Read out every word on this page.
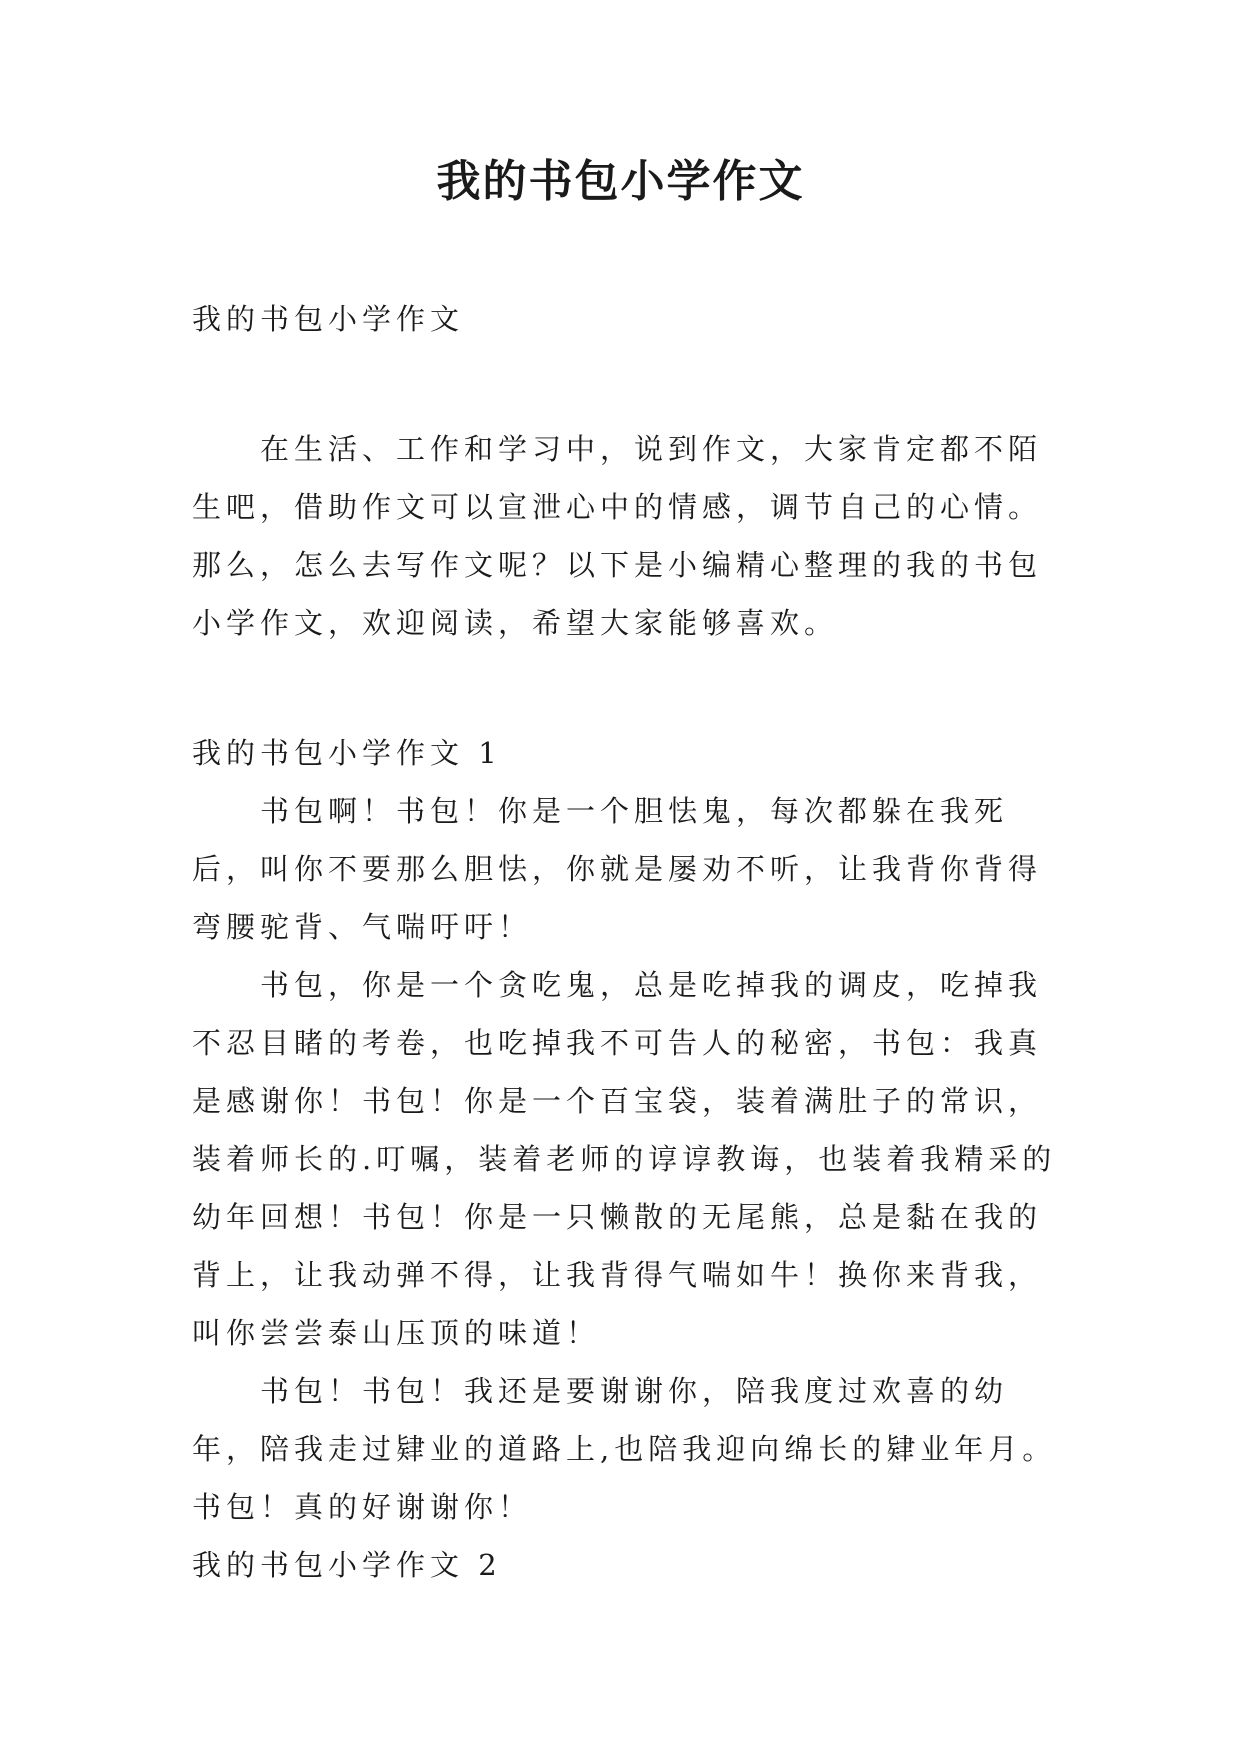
我的书包小学作文

我的书包小学作文

在生活、工作和学习中，说到作文，大家肯定都不陌生吧，借助作文可以宣泄心中的情感，调节自己的心情。那么，怎么去写作文呢？以下是小编精心整理的我的书包小学作文，欢迎阅读，希望大家能够喜欢。

我的书包小学作文 1

书包啊！书包！你是一个胆怯鬼，每次都躲在我死后，叫你不要那么胆怯，你就是屡劝不听，让我背你背得弯腰驼背、气喘吁吁！

书包，你是一个贪吃鬼，总是吃掉我的调皮，吃掉我不忍目睹的考卷，也吃掉我不可告人的秘密，书包：我真是感谢你！书包！你是一个百宝袋，装着满肚子的常识，装着师长的.叮嘱，装着老师的谆谆教诲，也装着我精采的幼年回想！书包！你是一只懒散的无尾熊，总是黏在我的背上，让我动弹不得，让我背得气喘如牛！换你来背我，叫你尝尝泰山压顶的味道！

书包！书包！我还是要谢谢你，陪我度过欢喜的幼年，陪我走过肄业的道路上,也陪我迎向绵长的肄业年月。书包！真的好谢谢你！

我的书包小学作文 2
